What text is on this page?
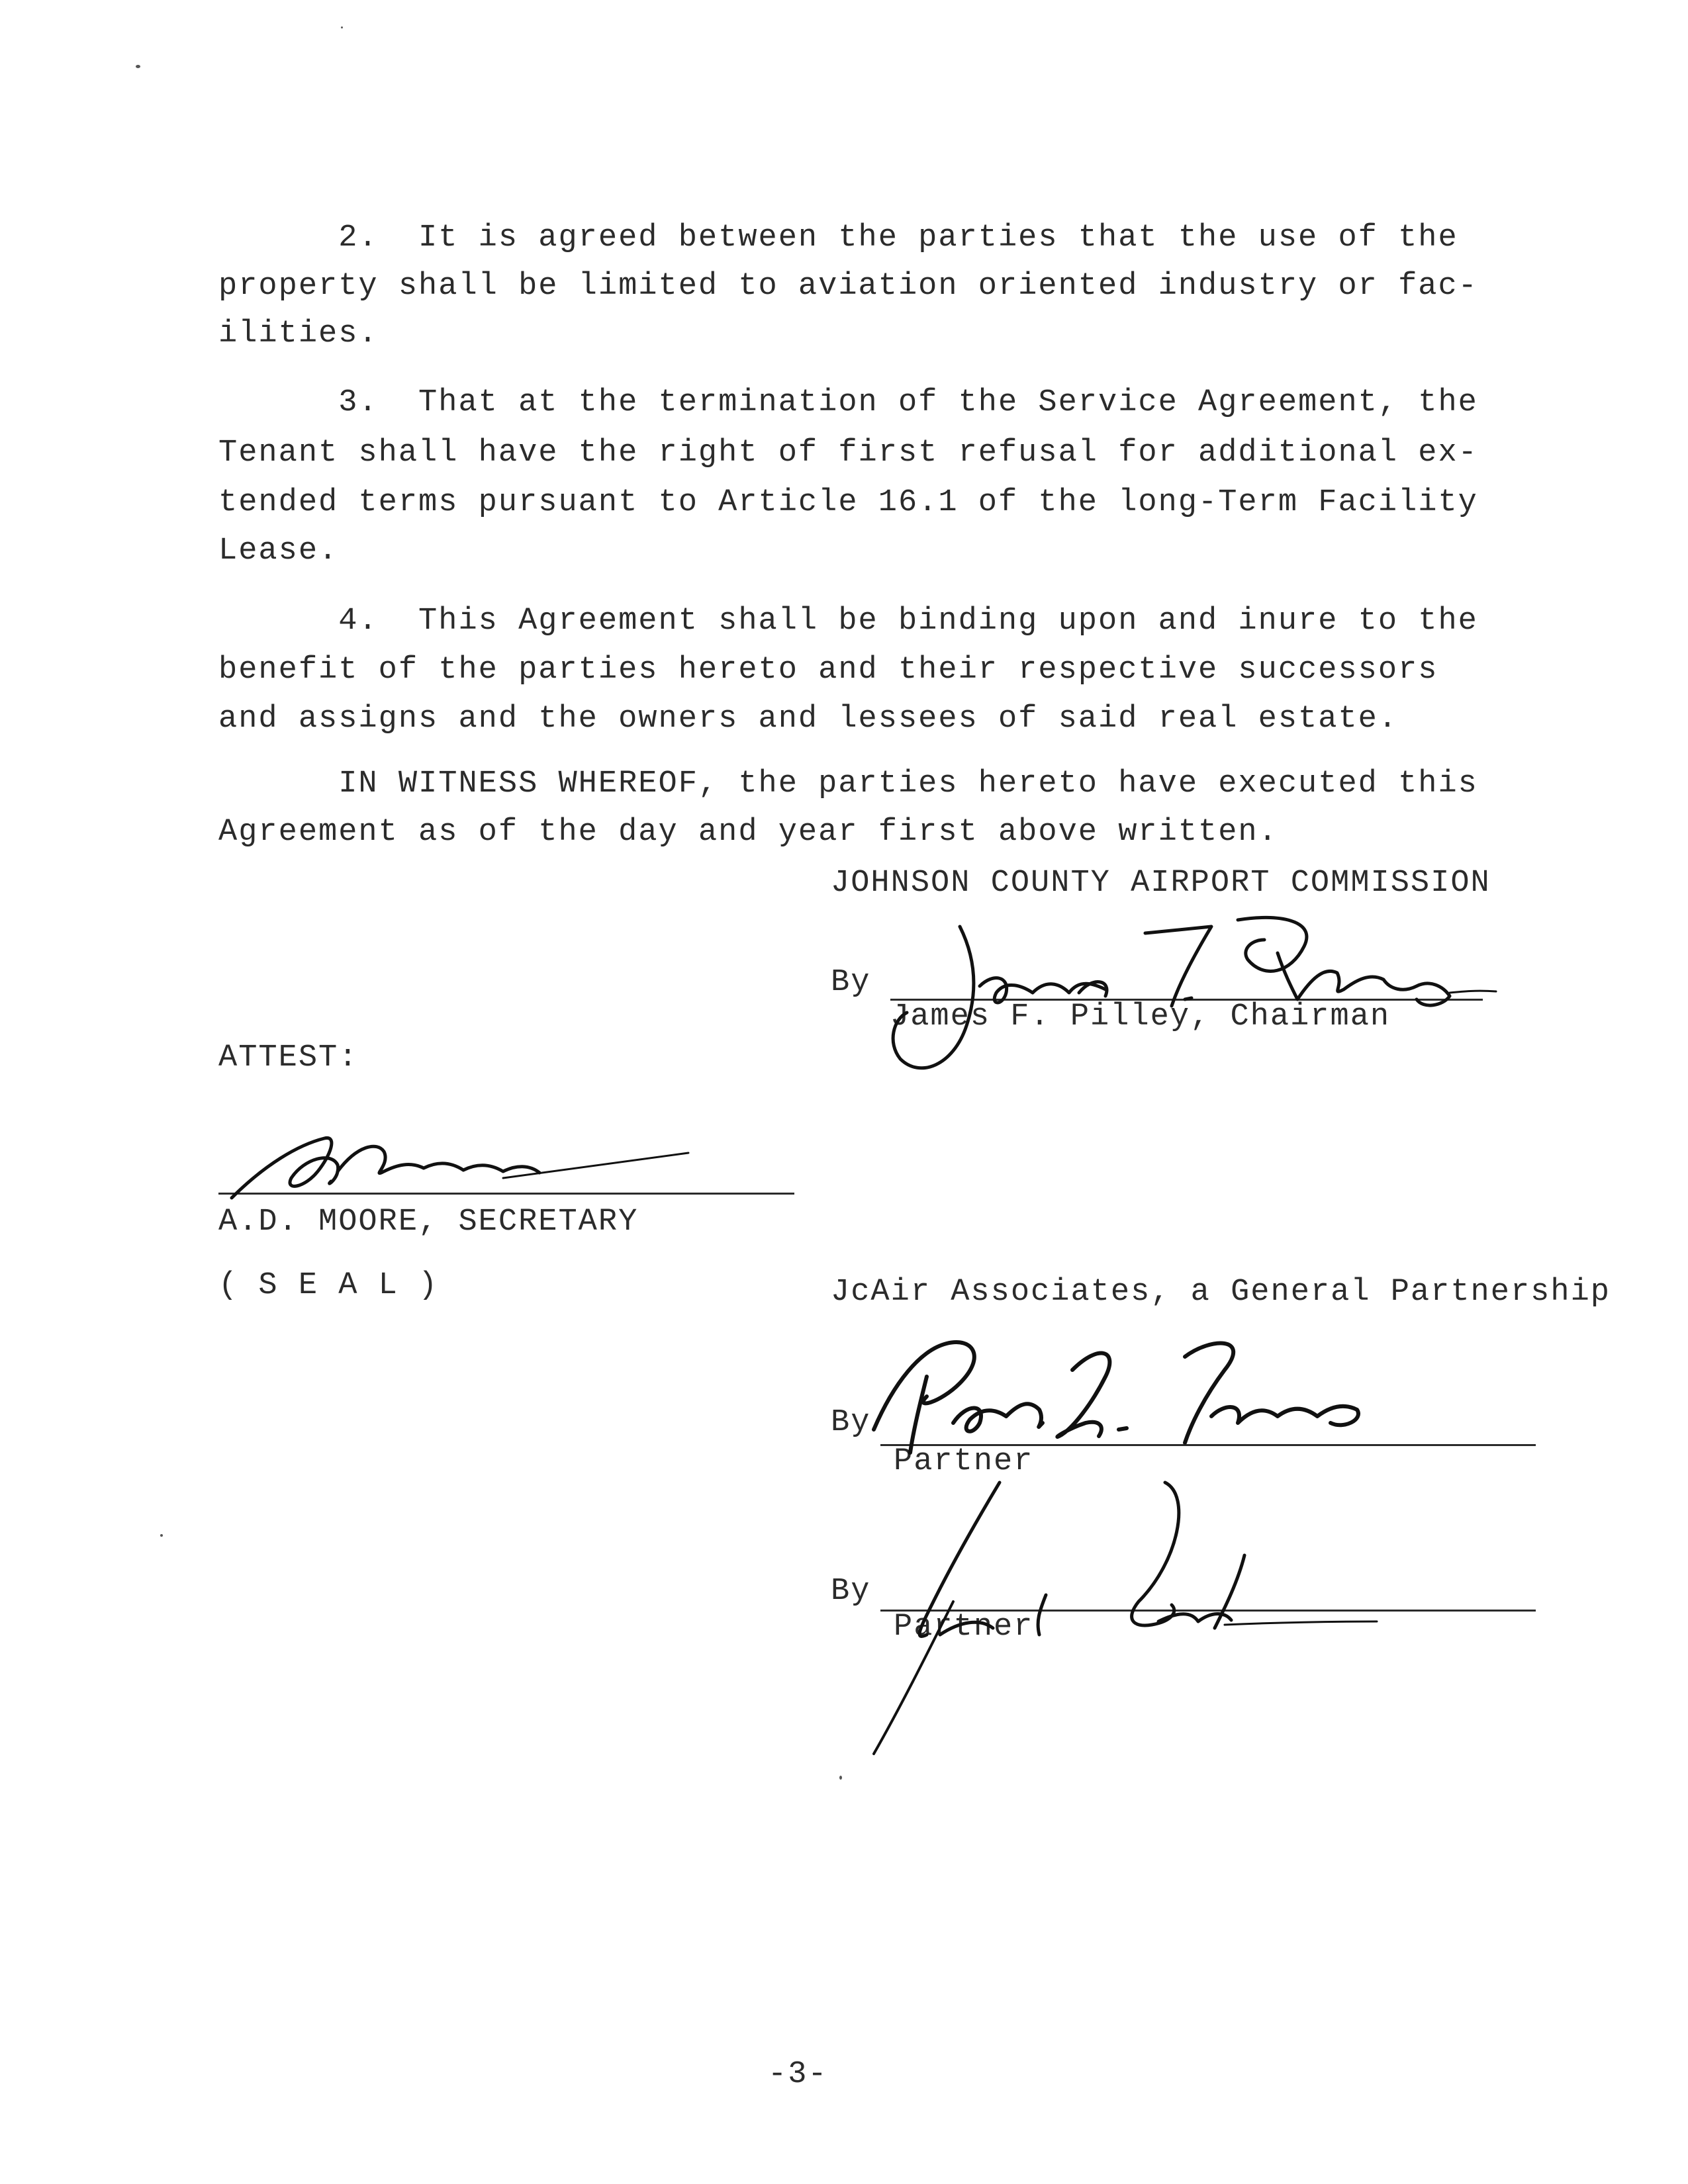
2.  It is agreed between the parties that the use of the

property shall be limited to aviation oriented industry or fac-

ilities.

3.  That at the termination of the Service Agreement, the

Tenant shall have the right of first refusal for additional ex-

tended terms pursuant to Article 16.1 of the long-Term Facility

Lease.

4.  This Agreement shall be binding upon and inure to the

benefit of the parties hereto and their respective successors

and assigns and the owners and lessees of said real estate.

IN WITNESS WHEREOF, the parties hereto have executed this

Agreement as of the day and year first above written.

JOHNSON COUNTY AIRPORT COMMISSION

By

James F. Pilley, Chairman

ATTEST:

A.D. MOORE, SECRETARY

( S E A L )	JcAir Associates, a General Partnership

By

Partner

By

Partner

-3-
